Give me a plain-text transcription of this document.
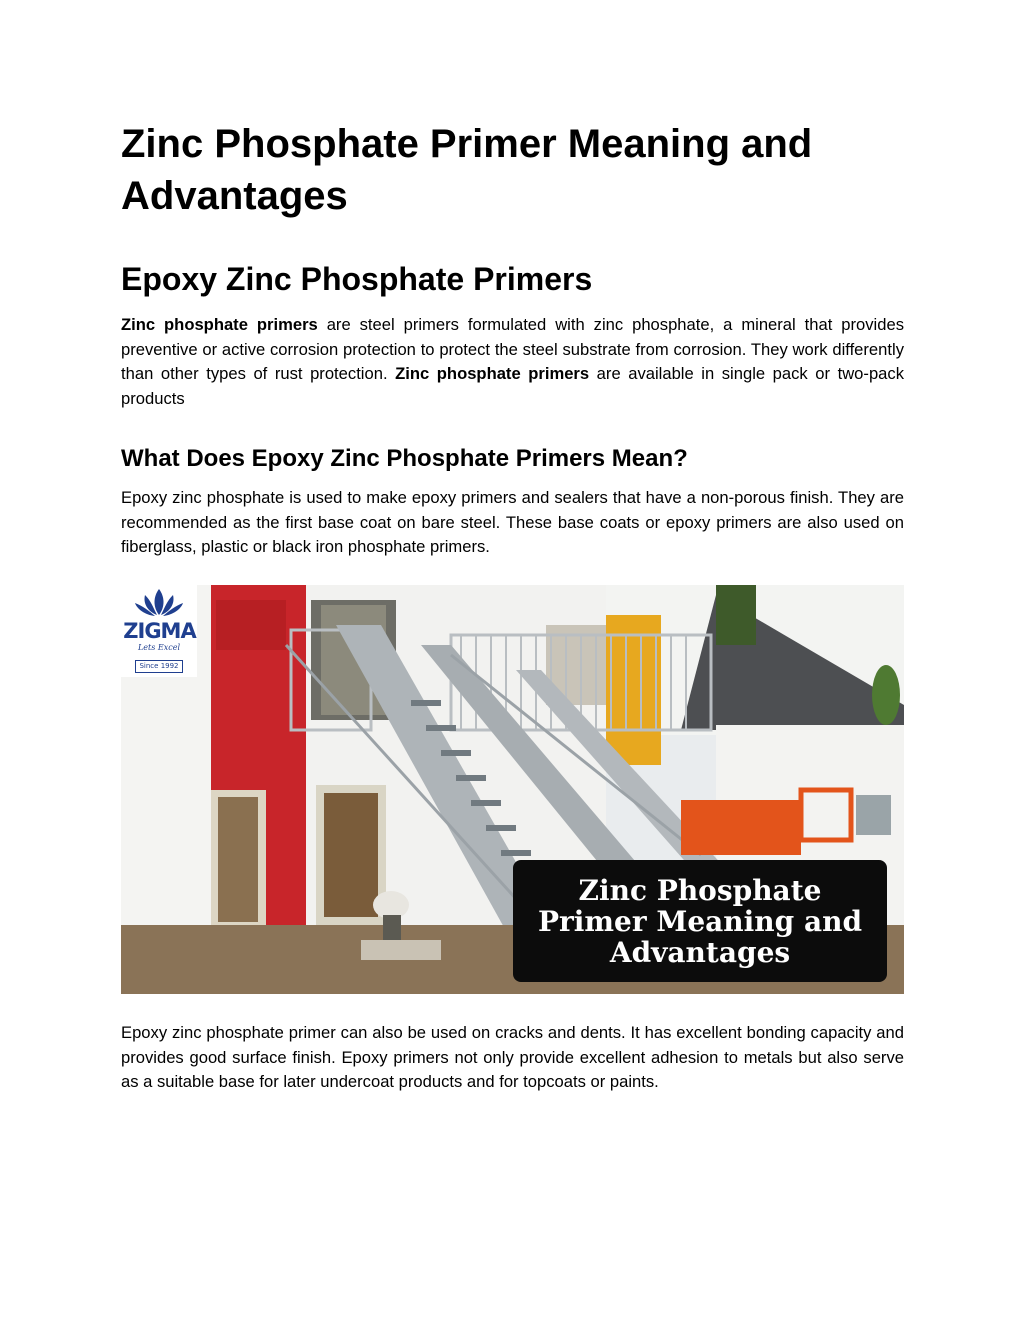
Zinc Phosphate Primer Meaning and Advantages
Epoxy Zinc Phosphate Primers

Zinc phosphate primers are steel primers formulated with zinc phosphate, a mineral that provides preventive or active corrosion protection to protect the steel substrate from corrosion. They work differently than other types of rust protection. Zinc phosphate primers are available in single pack or two-pack products

What Does Epoxy Zinc Phosphate Primers Mean?

Epoxy zinc phosphate is used to make epoxy primers and sealers that have a non-porous finish. They are recommended as the first base coat on bare steel. These base coats or epoxy primers are also used on fiberglass, plastic or black iron phosphate primers.

ZIGMA
Lets Excel
Since 1992
Zinc Phosphate
Primer Meaning and
Advantages

Epoxy zinc phosphate primer can also be used on cracks and dents. It has excellent bonding capacity and provides good surface finish. Epoxy primers not only provide excellent adhesion to metals but also serve as a suitable base for later undercoat products and for topcoats or paints.
